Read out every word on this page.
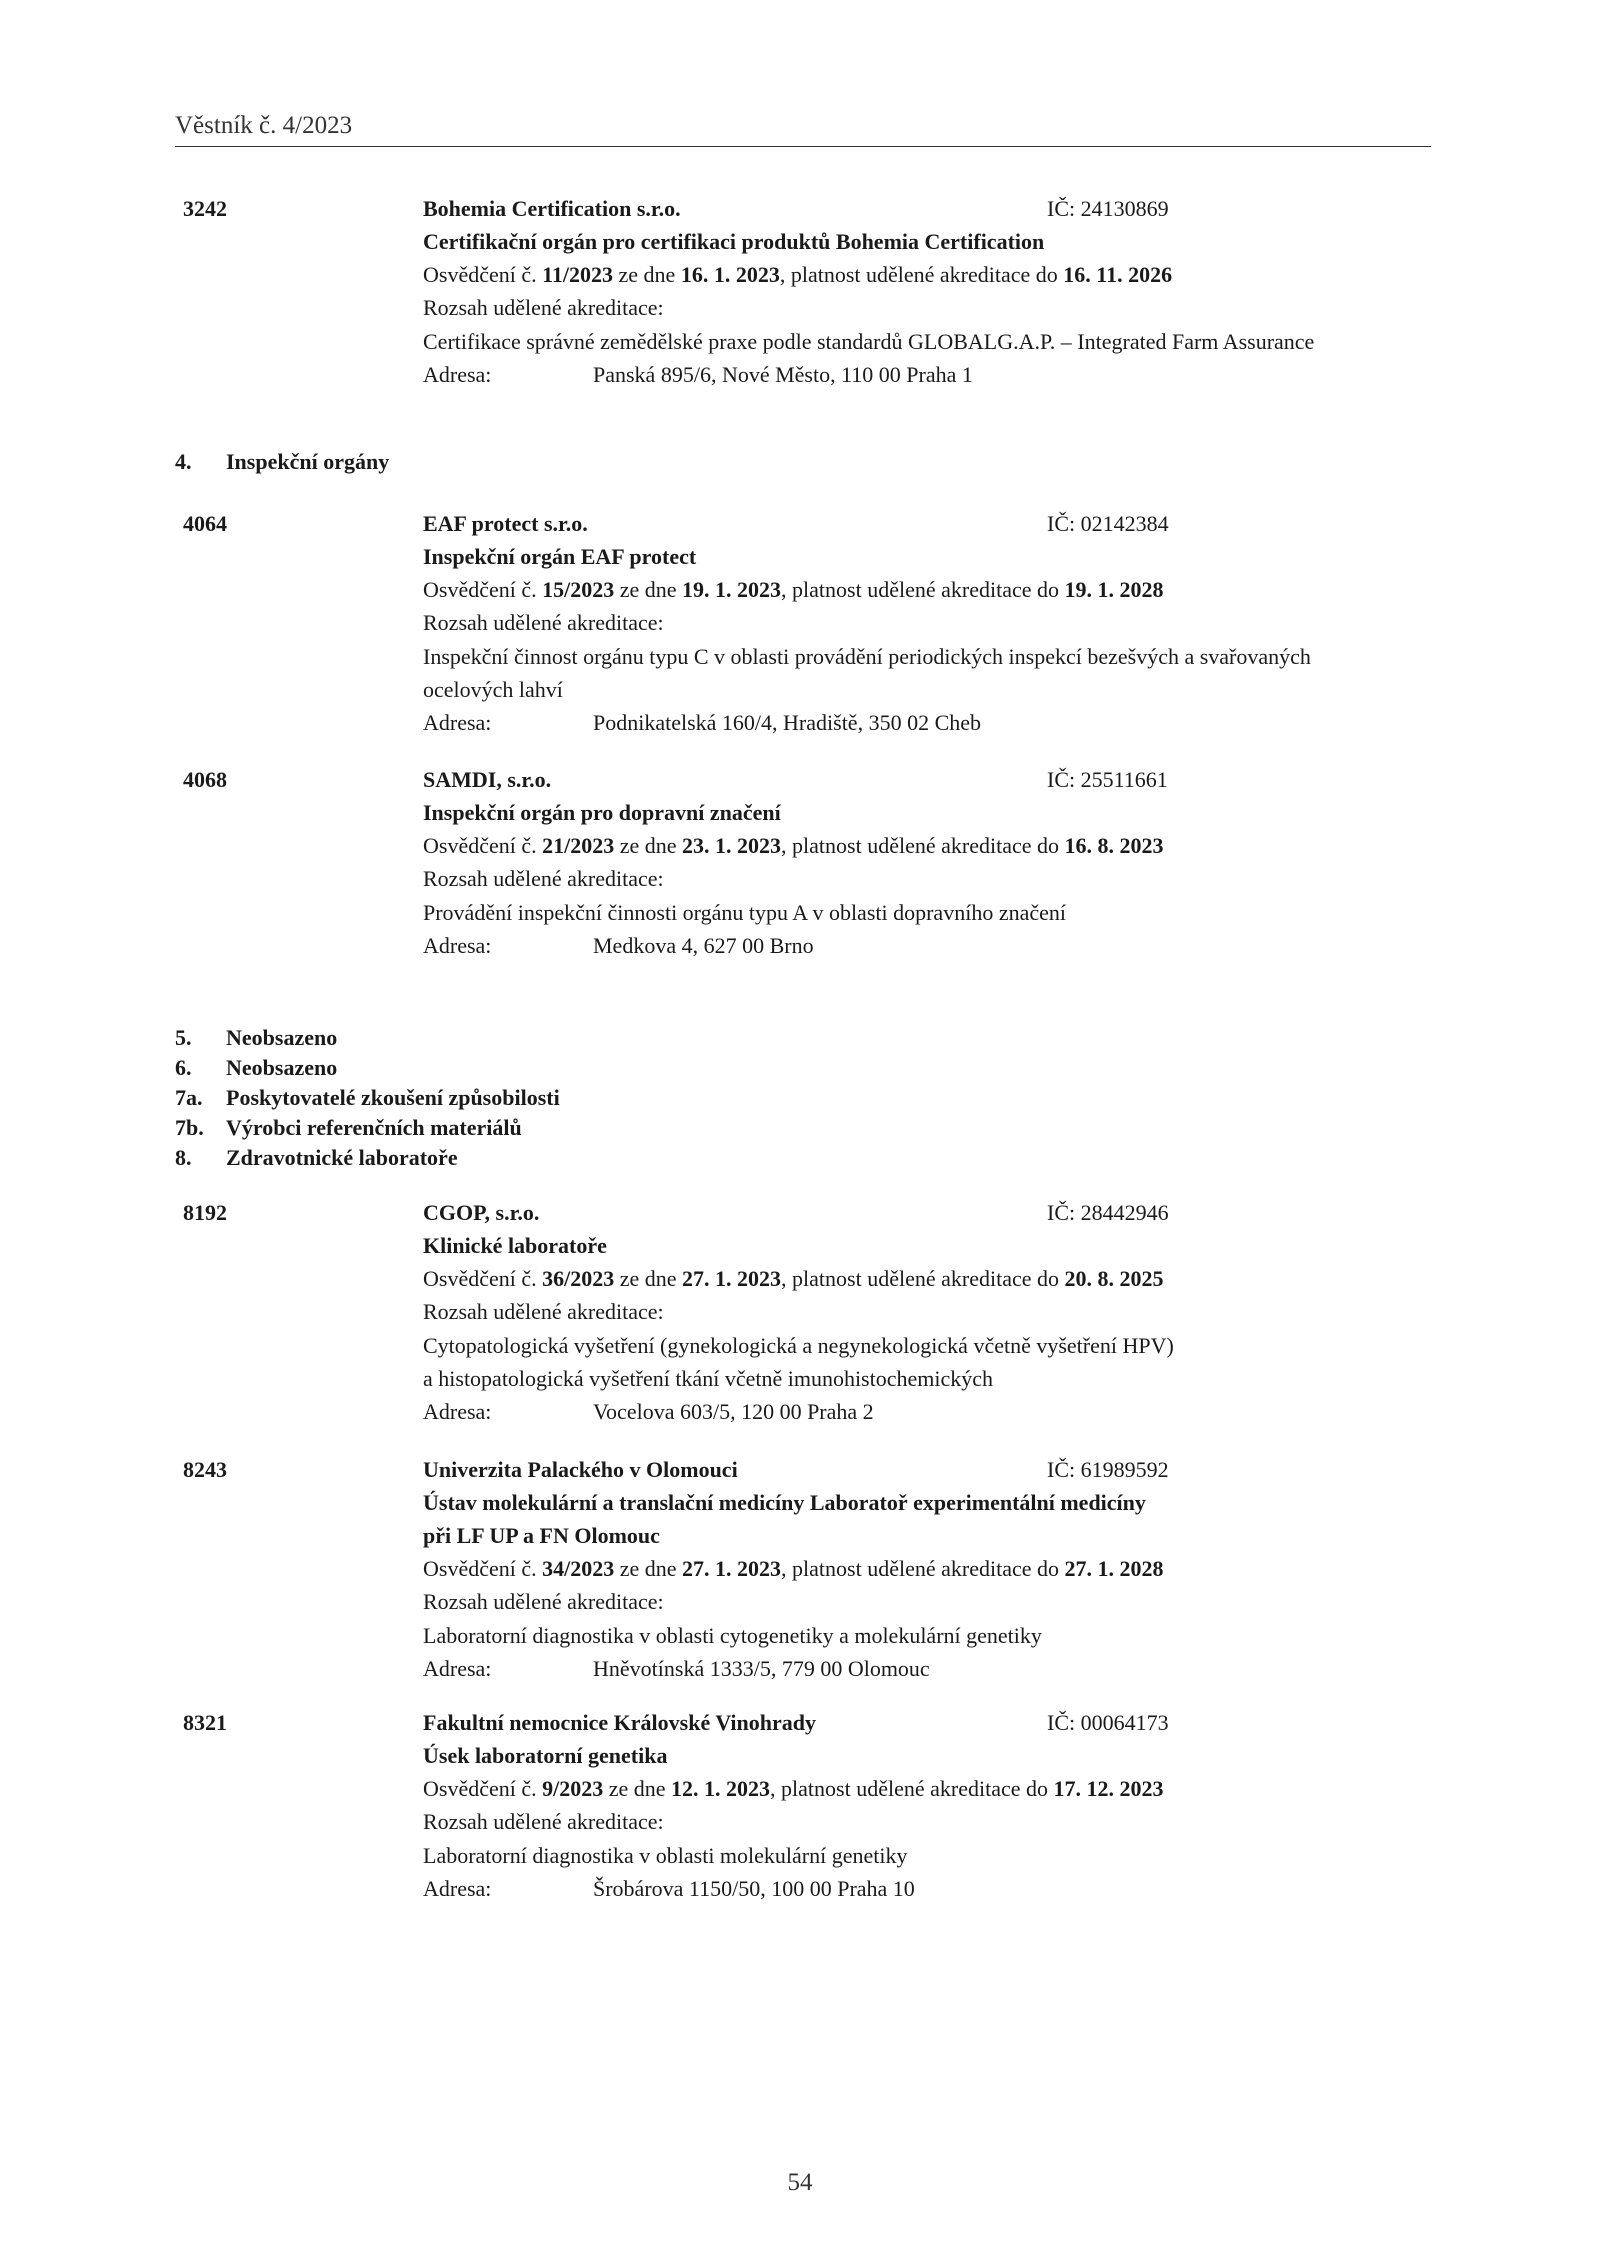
Věstník č. 4/2023
3242	Bohemia Certification s.r.o.	IČ: 24130869
Certifikační orgán pro certifikaci produktů Bohemia Certification
Osvědčení č. 11/2023 ze dne 16. 1. 2023, platnost udělené akreditace do 16. 11. 2026
Rozsah udělené akreditace:
Certifikace správné zemědělské praxe podle standardů GLOBALG.A.P. – Integrated Farm Assurance
Adresa:	Panská 895/6, Nové Město, 110 00 Praha 1
4. Inspekční orgány
4064	EAF protect s.r.o.	IČ: 02142384
Inspekční orgán EAF protect
Osvědčení č. 15/2023 ze dne 19. 1. 2023, platnost udělené akreditace do 19. 1. 2028
Rozsah udělené akreditace:
Inspekční činnost orgánu typu C v oblasti provádění periodických inspekcí bezešvých a svařovaných
ocelových lahví
Adresa:	Podnikatelská 160/4, Hradiště, 350 02 Cheb
4068	SAMDI, s.r.o.	IČ: 25511661
Inspekční orgán pro dopravní značení
Osvědčení č. 21/2023 ze dne 23. 1. 2023, platnost udělené akreditace do 16. 8. 2023
Rozsah udělené akreditace:
Provádění inspekční činnosti orgánu typu A v oblasti dopravního značení
Adresa:	Medkova 4, 627 00 Brno
5. Neobsazeno
6. Neobsazeno
7a. Poskytovatelé zkoušení způsobilosti
7b. Výrobci referenčních materiálů
8. Zdravotnické laboratoře
8192	CGOP, s.r.o.	IČ: 28442946
Klinické laboratoře
Osvědčení č. 36/2023 ze dne 27. 1. 2023, platnost udělené akreditace do 20. 8. 2025
Rozsah udělené akreditace:
Cytopatologická vyšetření (gynekologická a negynekologická včetně vyšetření HPV)
a histopatologická vyšetření tkání včetně imunohistochemických
Adresa:	Vocelova 603/5, 120 00 Praha 2
8243	Univerzita Palackého v Olomouci	IČ: 61989592
Ústav molekulární a translační medicíny Laboratoř experimentální medicíny
při LF UP a FN Olomouc
Osvědčení č. 34/2023 ze dne 27. 1. 2023, platnost udělené akreditace do 27. 1. 2028
Rozsah udělené akreditace:
Laboratorní diagnostika v oblasti cytogenetiky a molekulární genetiky
Adresa:	Hněvotínská 1333/5, 779 00 Olomouc
8321	Fakultní nemocnice Královské Vinohrady	IČ: 00064173
Úsek laboratorní genetika
Osvědčení č. 9/2023 ze dne 12. 1. 2023, platnost udělené akreditace do 17. 12. 2023
Rozsah udělené akreditace:
Laboratorní diagnostika v oblasti molekulární genetiky
Adresa:	Šrobárova 1150/50, 100 00 Praha 10
54
